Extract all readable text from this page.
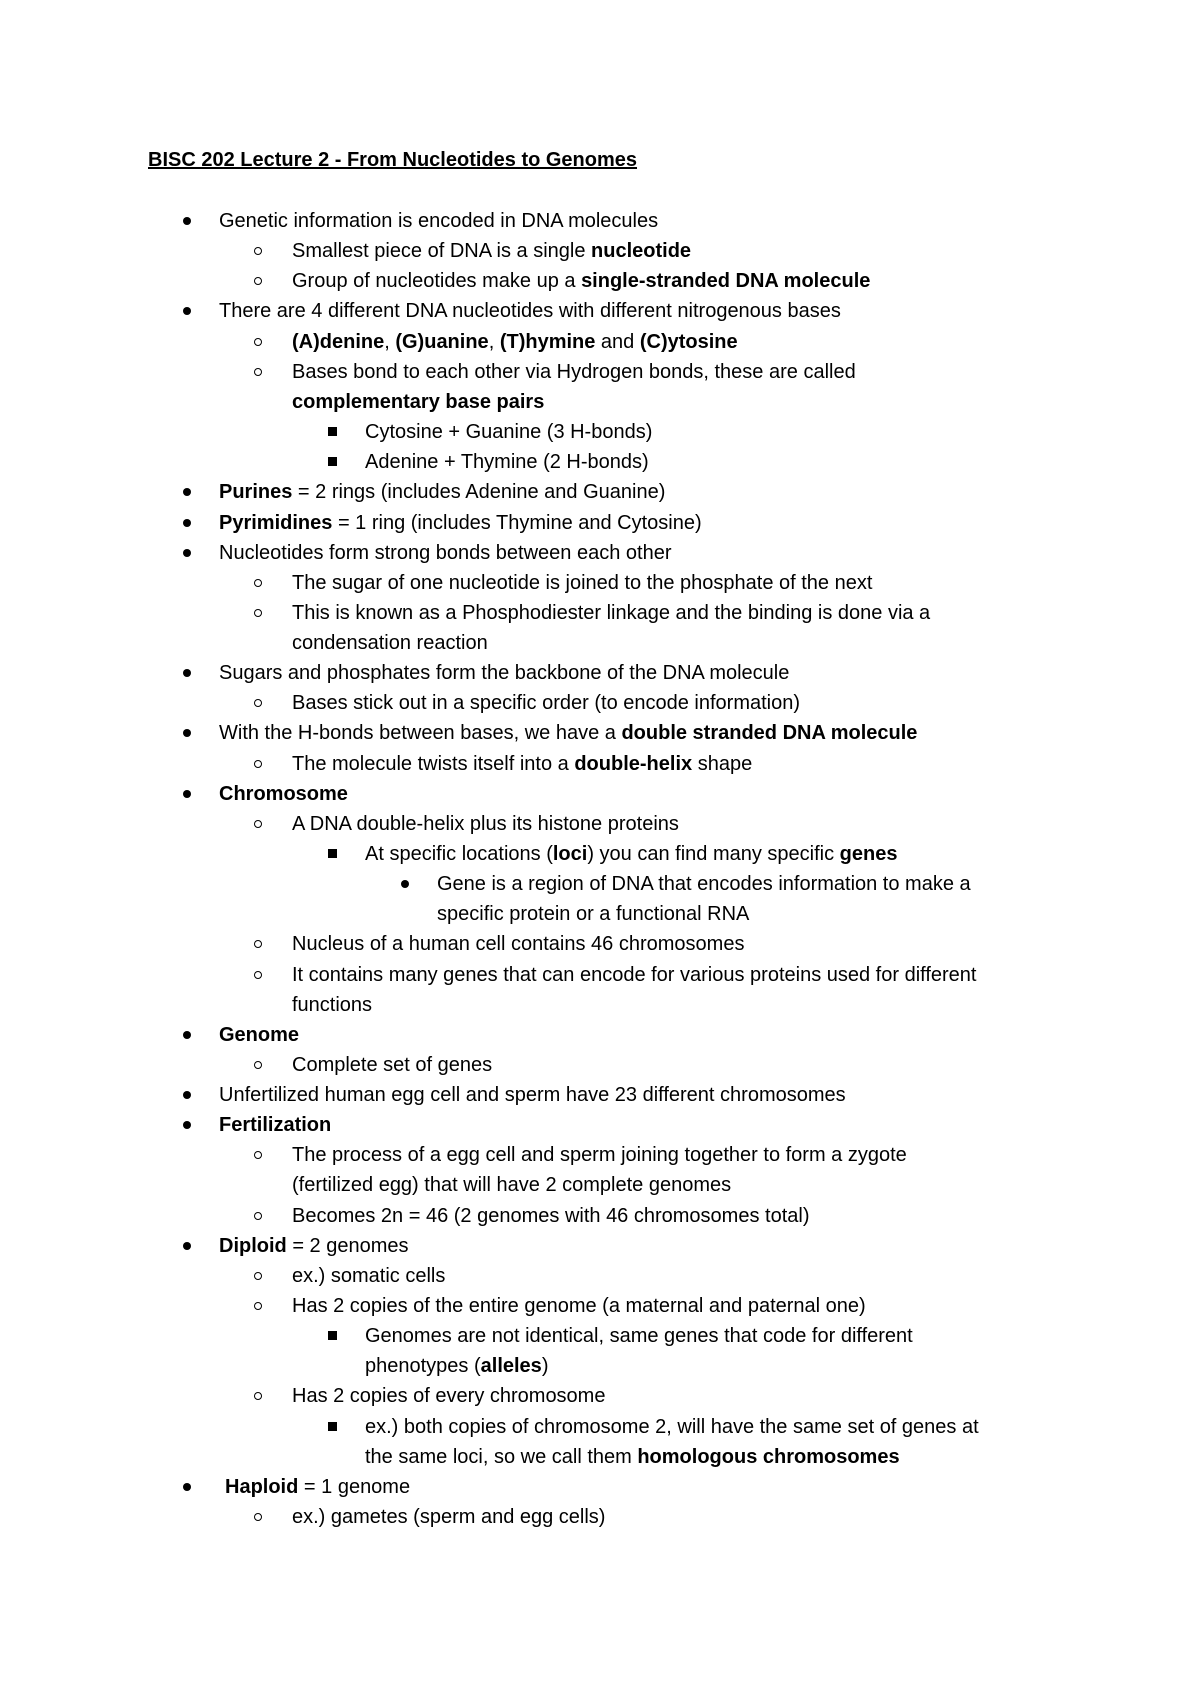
BISC 202 Lecture 2 - From Nucleotides to Genomes
Genetic information is encoded in DNA molecules
Smallest piece of DNA is a single nucleotide
Group of nucleotides make up a single-stranded DNA molecule
There are 4 different DNA nucleotides with different nitrogenous bases
(A)denine, (G)uanine, (T)hymine and (C)ytosine
Bases bond to each other via Hydrogen bonds, these are called
complementary base pairs
Cytosine + Guanine (3 H-bonds)
Adenine + Thymine (2 H-bonds)
Purines = 2 rings (includes Adenine and Guanine)
Pyrimidines = 1 ring (includes Thymine and Cytosine)
Nucleotides form strong bonds between each other
The sugar of one nucleotide is joined to the phosphate of the next
This is known as a Phosphodiester linkage and the binding is done via a
condensation reaction
Sugars and phosphates form the backbone of the DNA molecule
Bases stick out in a specific order (to encode information)
With the H-bonds between bases, we have a double stranded DNA molecule
The molecule twists itself into a double-helix shape
Chromosome
A DNA double-helix plus its histone proteins
At specific locations (loci) you can find many specific genes
Gene is a region of DNA that encodes information to make a
specific protein or a functional RNA
Nucleus of a human cell contains 46 chromosomes
It contains many genes that can encode for various proteins used for different
functions
Genome
Complete set of genes
Unfertilized human egg cell and sperm have 23 different chromosomes
Fertilization
The process of a egg cell and sperm joining together to form a zygote
(fertilized egg) that will have 2 complete genomes
Becomes 2n = 46 (2 genomes with 46 chromosomes total)
Diploid = 2 genomes
ex.) somatic cells
Has 2 copies of the entire genome (a maternal and paternal one)
Genomes are not identical, same genes that code for different
phenotypes (alleles)
Has 2 copies of every chromosome
ex.) both copies of chromosome 2, will have the same set of genes at
the same loci, so we call them homologous chromosomes
Haploid = 1 genome
ex.) gametes (sperm and egg cells)
